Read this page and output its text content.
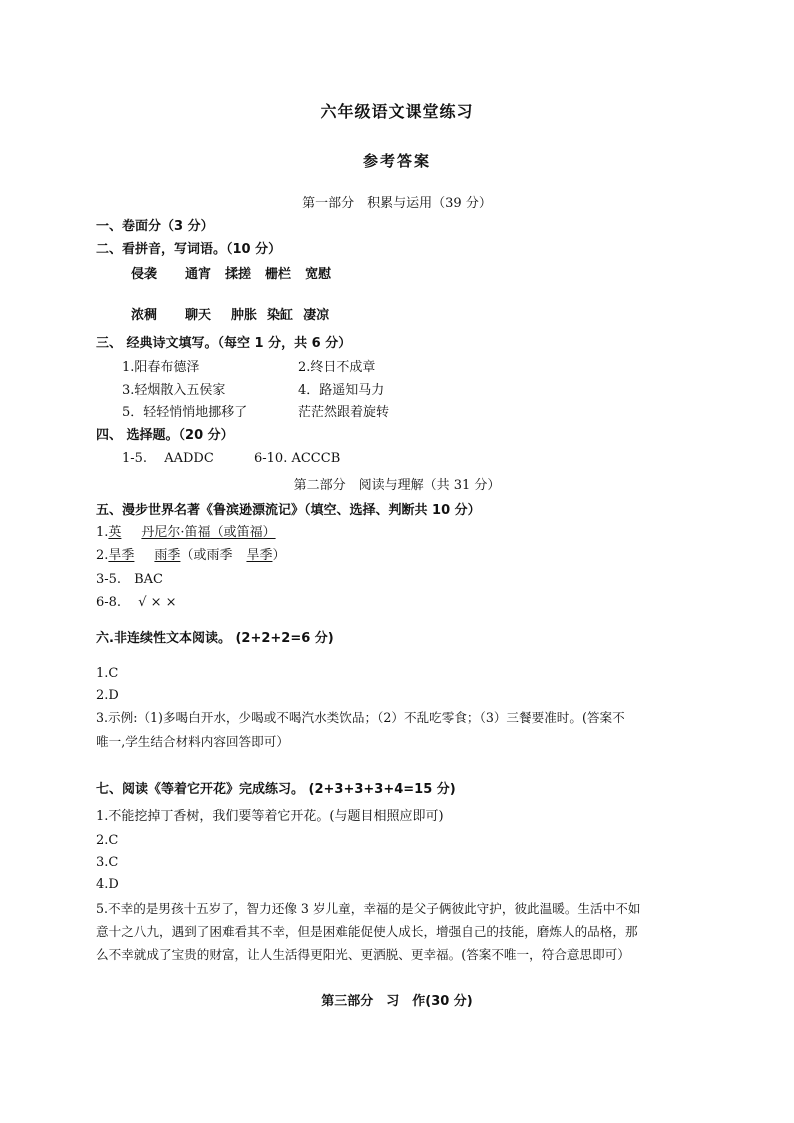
六年级语文课堂练习
参考答案
第一部分　积累与运用（39 分）
一、卷面分（3 分）
二、看拼音，写词语。（10 分）
侵袭 通宵 揉搓 栅栏 宽慰
浓稠 聊天 肿胀 染缸 凄凉
三、 经典诗文填写。（每空 1 分，共 6 分）
1.阳春布德泽	2.终日不成章
3.轻烟散入五侯家	4．路遥知马力
5．轻轻悄悄地挪移了	茫茫然跟着旋转
四、 选择题。（20 分）
1-5.　 AADDC	6-10. ACCCB
第二部分　阅读与理解（共 31 分）
五、漫步世界名著《鲁滨逊漂流记》（填空、选择、判断共 10 分）
1.英 丹尼尔·笛福（或笛福）
2.旱季 雨季（或雨季 旱季）
3-5.　BAC
6-8.　 √ × ×
六.非连续性文本阅读。 (2+2+2=6 分)
1.C
2.D
3.示例:（1)多喝白开水，少喝或不喝汽水类饮品；（2）不乱吃零食；（3）三餐要准时。(答案不
唯一,学生结合材料内容回答即可）
七、阅读《等着它开花》完成练习。 (2+3+3+3+4=15 分)
1.不能挖掉丁香树，我们要等着它开花。(与题目相照应即可)
2.C
3.C
4.D
5.不幸的是男孩十五岁了，智力还像 3 岁儿童，幸福的是父子俩彼此守护，彼此温暖。生活中不如
意十之八九，遇到了困难看其不幸，但是困难能促使人成长，增强自己的技能，磨炼人的品格，那
么不幸就成了宝贵的财富，让人生活得更阳光、更洒脱、更幸福。(答案不唯一，符合意思即可）
第三部分　习　作(30 分)
